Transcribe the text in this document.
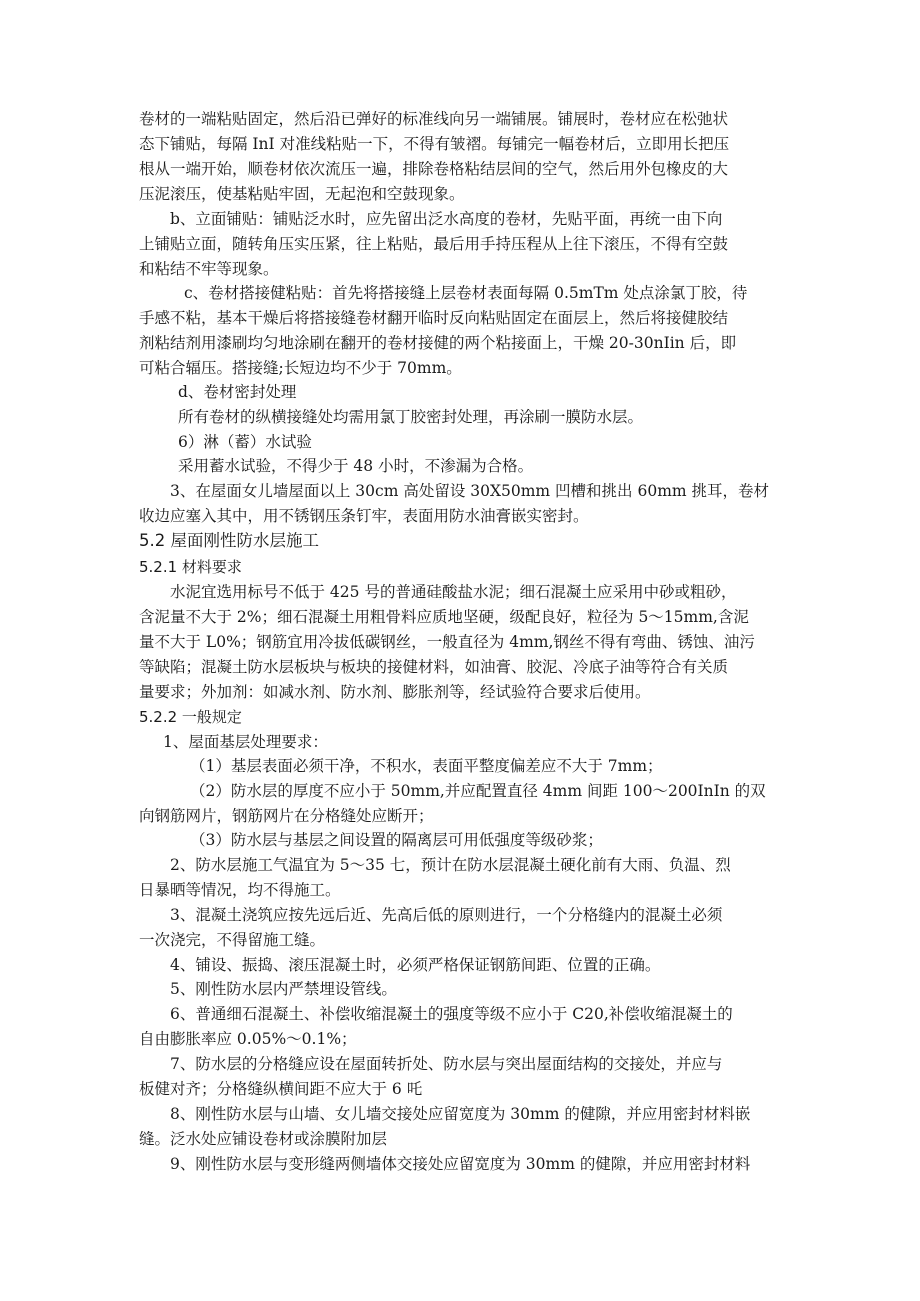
卷材的一端粘贴固定，然后沿已弹好的标准线向另一端铺展。铺展时，卷材应在松弛状
态下铺贴，每隔 InI 对准线粘贴一下，不得有皱褶。每铺完一幅卷材后，立即用长把压
根从一端开始，顺卷材依次流压一遍，排除卷格粘结层间的空气，然后用外包橡皮的大
压泥滚压，使基粘贴牢固，无起泡和空鼓现象。
b、立面铺贴：铺贴泛水时，应先留出泛水高度的卷材，先贴平面，再统一由下向
上铺贴立面，随转角压实压紧，往上粘贴，最后用手持压程从上往下滚压，不得有空鼓
和粘结不牢等现象。
c、卷材搭接健粘贴：首先将搭接缝上层卷材表面每隔 0.5mTm 处点涂氯丁胶，待
手感不粘，基本干燥后将搭接缝卷材翻开临时反向粘贴固定在面层上，然后将接健胶结
剂粘结剂用漆刷均匀地涂刷在翻开的卷材接健的两个粘接面上，干燥 20-30nIin 后，即
可粘合辐压。搭接缝;长短边均不少于 70mm。
d、卷材密封处理
所有卷材的纵横接缝处均需用氯丁胶密封处理，再涂刷一膜防水层。
6）淋（蓄）水试验
采用蓄水试验，不得少于 48 小时，不渗漏为合格。
3、在屋面女儿墙屋面以上 30cm 高处留设 30X50mm 凹槽和挑出 60mm 挑耳，卷材
收边应塞入其中，用不锈钢压条钉牢，表面用防水油膏嵌实密封。
5.2 屋面刚性防水层施工
5.2.1 材料要求
水泥宜选用标号不低于 425 号的普通硅酸盐水泥；细石混凝土应采用中砂或粗砂，
含泥量不大于 2%；细石混凝土用粗骨料应质地坚硬，级配良好，粒径为 5～15mm,含泥
量不大于 L0%；钢筋宜用冷拔低碳钢丝，一般直径为 4mm,钢丝不得有弯曲、锈蚀、油污
等缺陷；混凝土防水层板块与板块的接健材料，如油膏、胶泥、冷底子油等符合有关质
量要求；外加剂：如减水剂、防水剂、膨胀剂等，经试验符合要求后使用。
5.2.2 一般规定
1、屋面基层处理要求：
（1）基层表面必须干净，不积水，表面平整度偏差应不大于 7mm；
（2）防水层的厚度不应小于 50mm,并应配置直径 4mm 间距 100～200InIn 的双
向钢筋网片，钢筋网片在分格缝处应断开；
（3）防水层与基层之间设置的隔离层可用低强度等级砂浆；
2、防水层施工气温宜为 5～35 七，预计在防水层混凝土硬化前有大雨、负温、烈
日暴晒等情况，均不得施工。
3、混凝土浇筑应按先远后近、先高后低的原则进行，一个分格缝内的混凝土必须
一次浇完，不得留施工缝。
4、铺设、振捣、滚压混凝土时，必须严格保证钢筋间距、位置的正确。
5、刚性防水层内严禁埋设管线。
6、普通细石混凝土、补偿收缩混凝土的强度等级不应小于 C20,补偿收缩混凝土的
自由膨胀率应 0.05%～0.1%；
7、防水层的分格缝应设在屋面转折处、防水层与突出屋面结构的交接处，并应与
板健对齐；分格缝纵横间距不应大于 6 吒
8、刚性防水层与山墙、女儿墙交接处应留宽度为 30mm 的健隙，并应用密封材料嵌
缝。泛水处应铺设卷材或涂膜附加层
9、刚性防水层与变形缝两侧墙体交接处应留宽度为 30mm 的健隙，并应用密封材料
